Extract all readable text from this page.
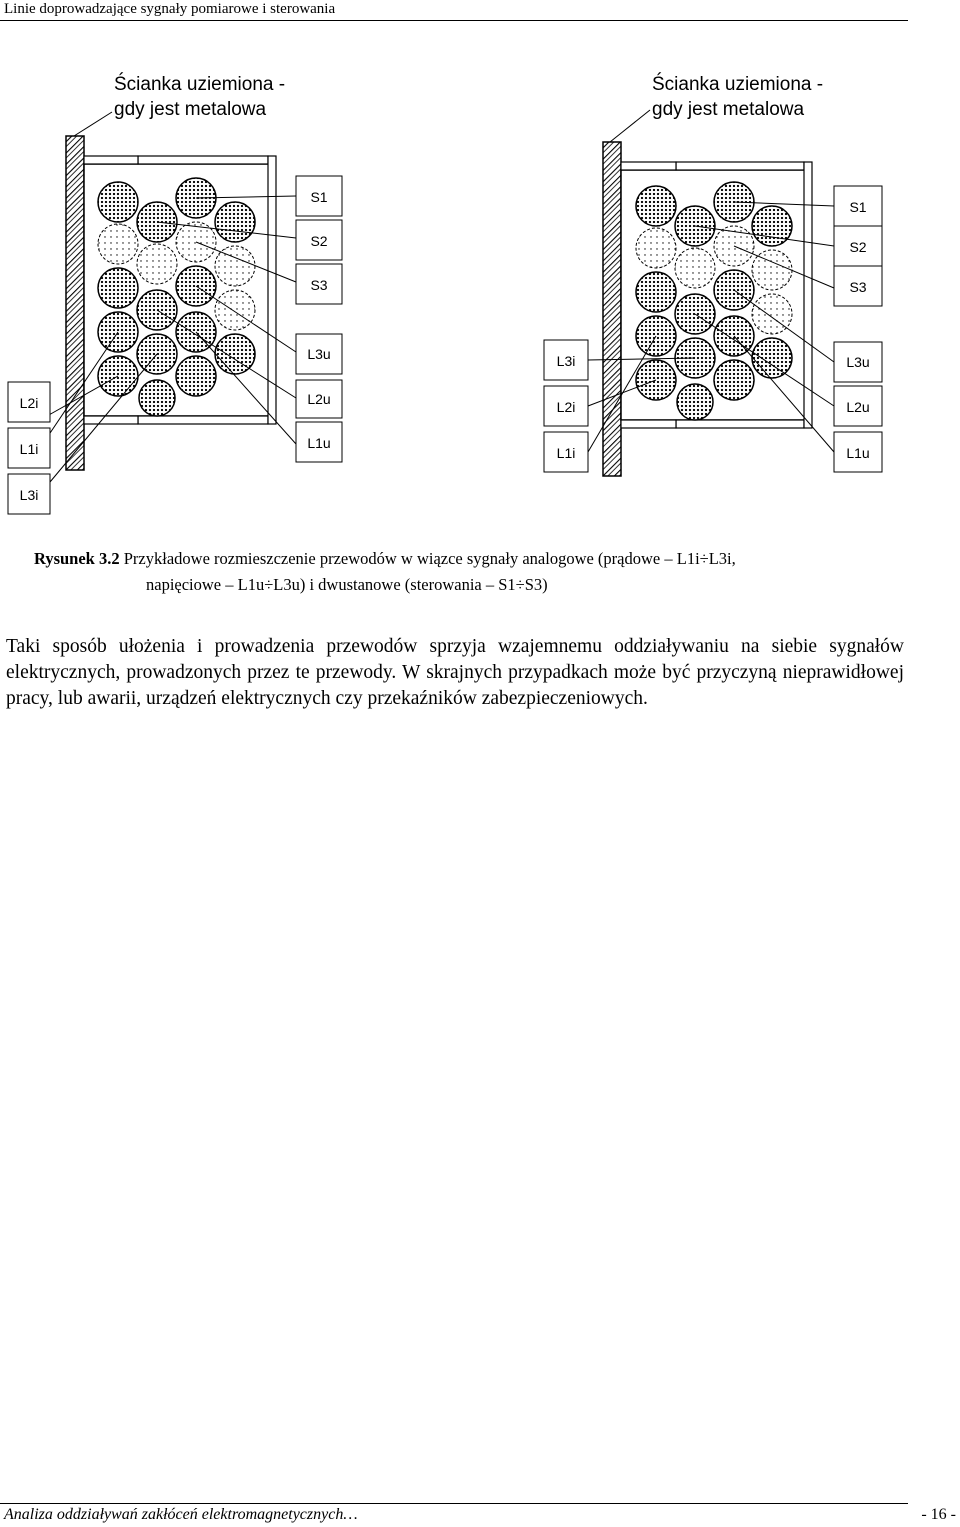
Linie doprowadzające sygnały pomiarowe i sterowania
Ścianka uziemiona -
gdy jest metalowa
S1
S2
S3
L3u
L2u
L1u
L2i
L1i
L3i
Ścianka uziemiona -
gdy jest metalowa
S1
S2
S3
L3u
L2u
L1u
L3i
L2i
L1i
Rysunek 3.2 Przykładowe rozmieszczenie przewodów w wiązce sygnały analogowe (prądowe – L1i÷L3i,
napięciowe – L1u÷L3u) i dwustanowe (sterowania – S1÷S3)
Taki sposób ułożenia i prowadzenia przewodów sprzyja wzajemnemu oddziaływaniu na siebie sygnałów elektrycznych, prowadzonych przez te przewody. W skrajnych przypadkach może być przyczyną nieprawidłowej pracy, lub awarii, urządzeń elektrycznych czy przekaźników zabezpieczeniowych.
Analiza oddziaływań zakłóceń elektromagnetycznych…	- 16 -
